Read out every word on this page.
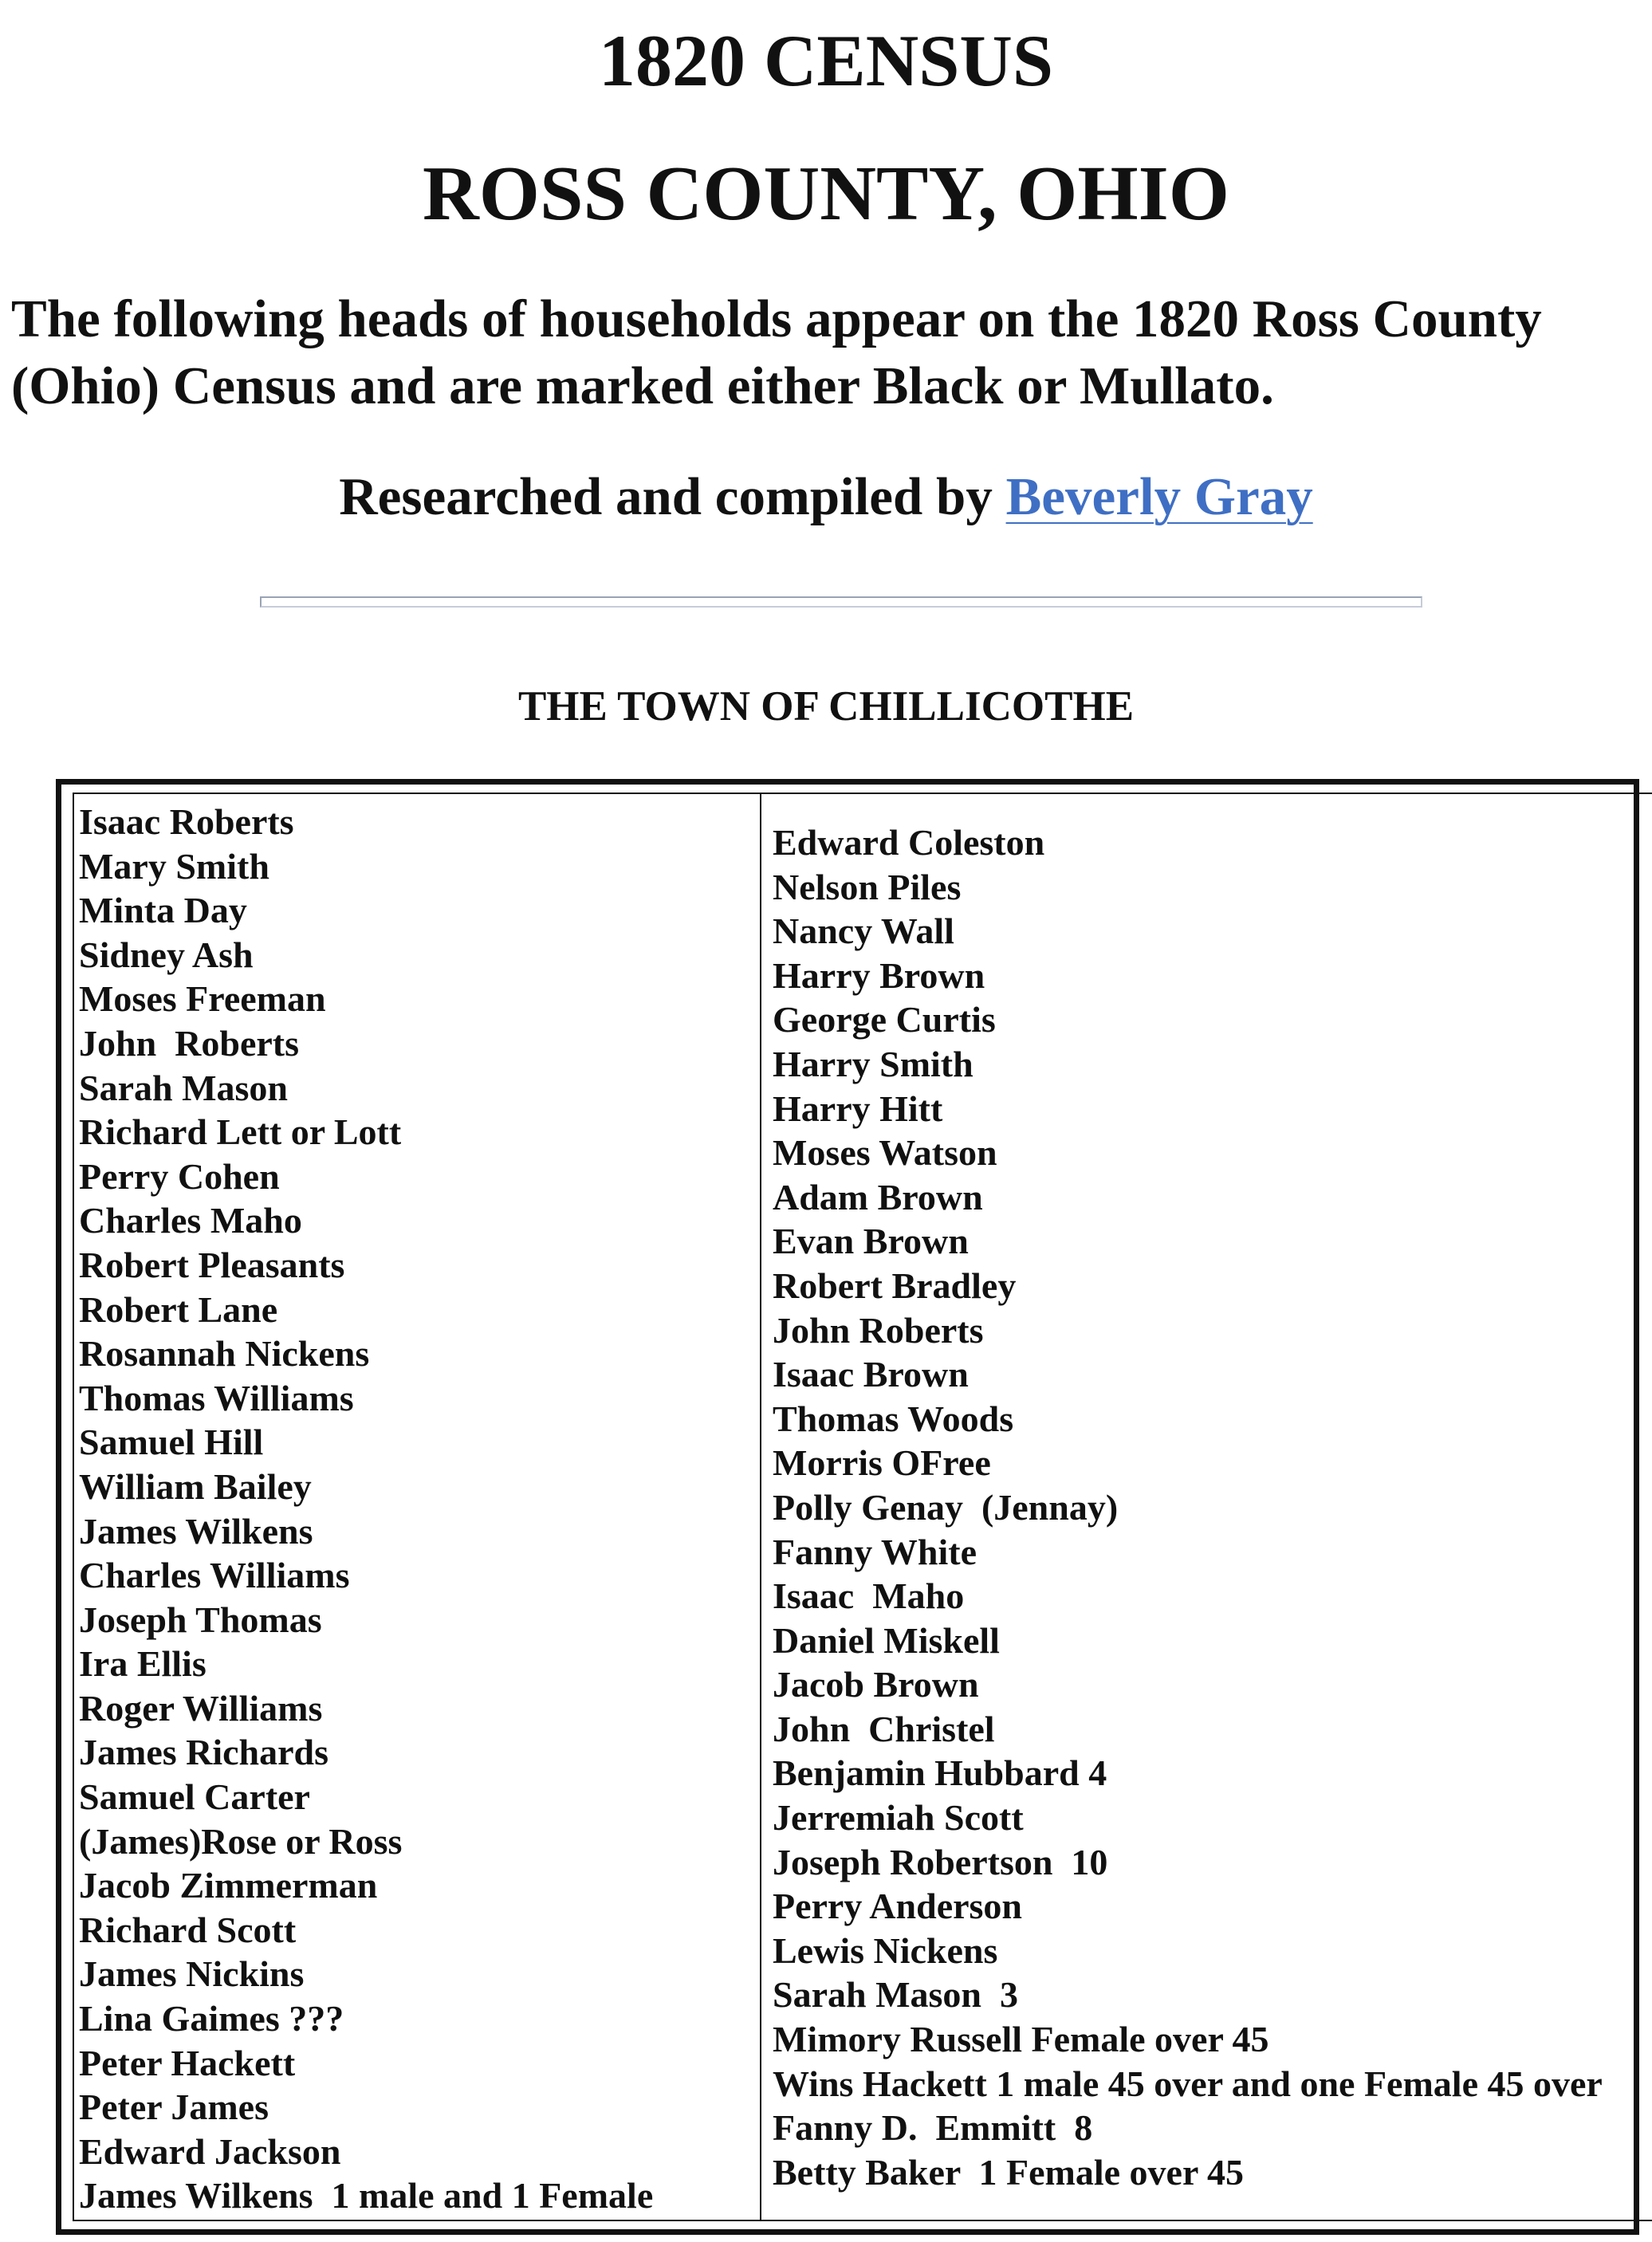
1820 CENSUS
ROSS COUNTY, OHIO

The following heads of households appear on the 1820 Ross County (Ohio) Census and are marked either Black or Mullato.

Researched and compiled by Beverly Gray

THE TOWN OF CHILLICOTHE
Isaac Roberts
Mary Smith
Minta Day
Sidney Ash
Moses Freeman
John  Roberts
Sarah Mason
Richard Lett or Lott
Perry Cohen
Charles Maho
Robert Pleasants
Robert Lane
Rosannah Nickens
Thomas Williams
Samuel Hill
William Bailey
James Wilkens
Charles Williams
Joseph Thomas
Ira Ellis
Roger Williams
James Richards
Samuel Carter
(James)Rose or Ross
Jacob Zimmerman
Richard Scott
James Nickins
Lina Gaimes ???
Peter Hackett
Peter James
Edward Jackson
James Wilkens  1 male and 1 Female
Edward Coleston
Nelson Piles
Nancy Wall
Harry Brown
George Curtis
Harry Smith
Harry Hitt
Moses Watson
Adam Brown
Evan Brown
Robert Bradley
John Roberts
Isaac Brown
Thomas Woods
Morris OFree
Polly Genay  (Jennay)
Fanny White
Isaac  Maho
Daniel Miskell
Jacob Brown
John  Christel
Benjamin Hubbard 4
Jerremiah Scott
Joseph Robertson  10
Perry Anderson
Lewis Nickens
Sarah Mason  3
Mimory Russell Female over 45
Wins Hackett 1 male 45 over and one Female 45 over
Fanny D.  Emmitt  8
Betty Baker  1 Female over 45
